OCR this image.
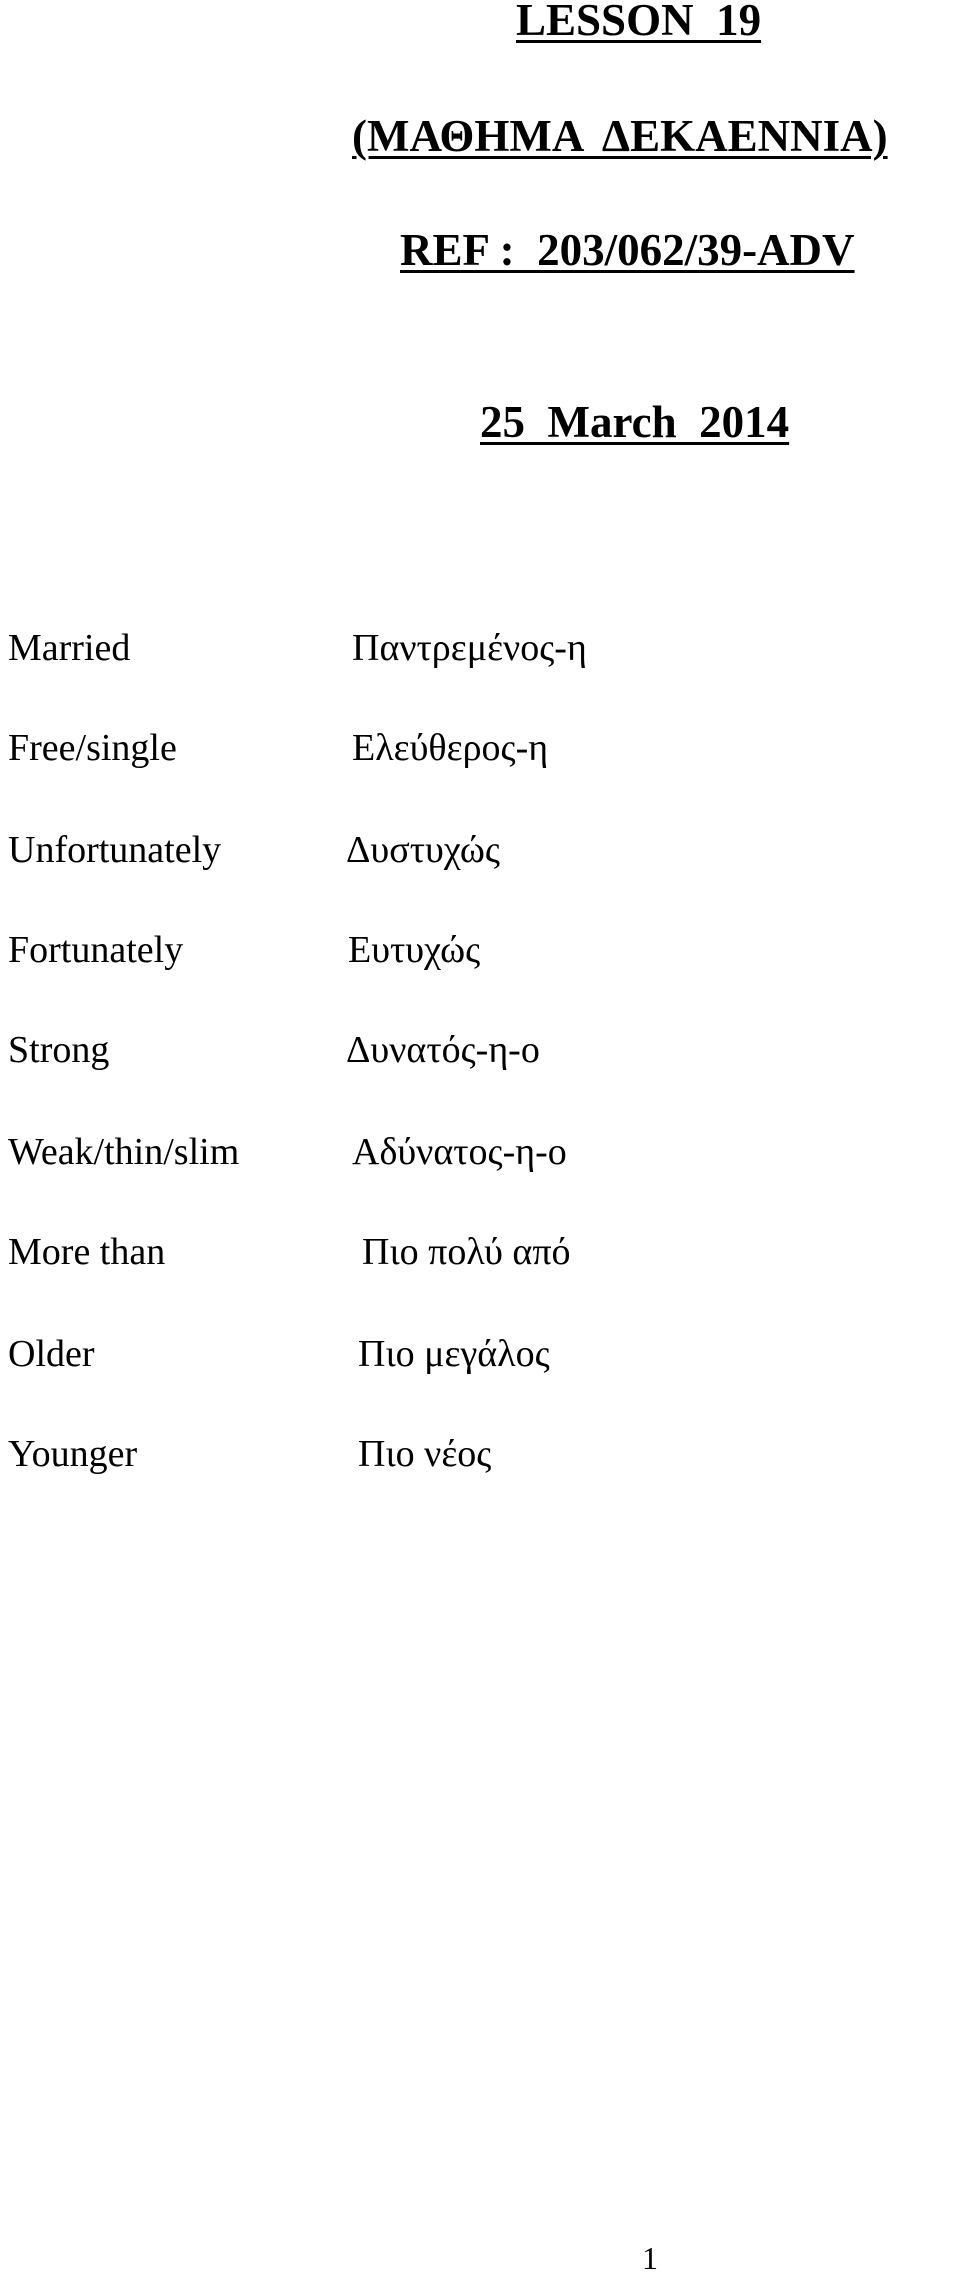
LESSON  19
(ΜΑΘΗΜΑ  ΔΕΚΑΕΝΝΙΑ)
REF :  203/062/39-ADV
25  March  2014
Married	Παντρεμένος-η
Free/single	Ελεύθερος-η
Unfortunately	Δυστυχώς
Fortunately	Ευτυχώς
Strong	Δυνατός-η-ο
Weak/thin/slim	Αδύνατος-η-ο
More than	Πιο πολύ από
Older	Πιο μεγάλος
Younger	Πιο νέος
1
